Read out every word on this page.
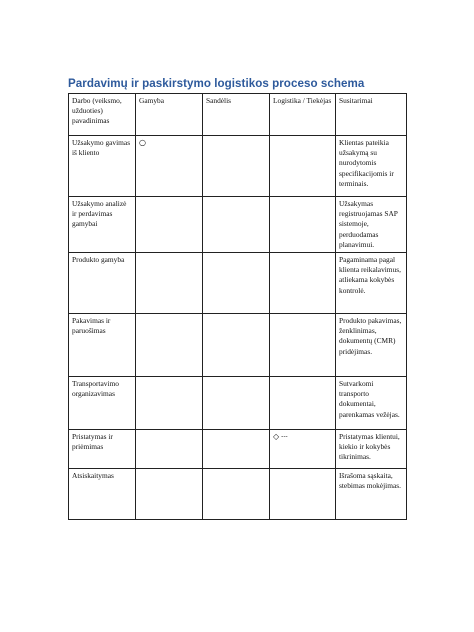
Pardavimų ir paskirstymo logistikos proceso schema
Darbo (veiksmo, užduoties) pavadinimas	Gamyba	Sandėlis	Logistika / Tiekėjas	Susitarimai
Užsakymo gavimas iš kliento	○			Klientas pateikia užsakymą su nurodytomis specifikacijomis ir terminais.
Užsakymo analizė ir perdavimas gamybai				Užsakymas registruojamas SAP sistemoje, perduodamas planavimui.
Produkto gamyba				Pagaminama pagal klienta reikalavimus, atliekama kokybės kontrolė.
Pakavimas ir paruošimas				Produkto pakavimas, ženklinimas, dokumentų (CMR) pridėjimas.
Transportavimo organizavimas				Sutvarkomi transporto dokumentai, parenkamas vežėjas.
Pristatymas ir priėmimas			◇ ---	Pristatymas klientui, kiekio ir kokybės tikrinimas.
Atsiskaitymas				Išrašoma sąskaita, stebimas mokėjimas.
